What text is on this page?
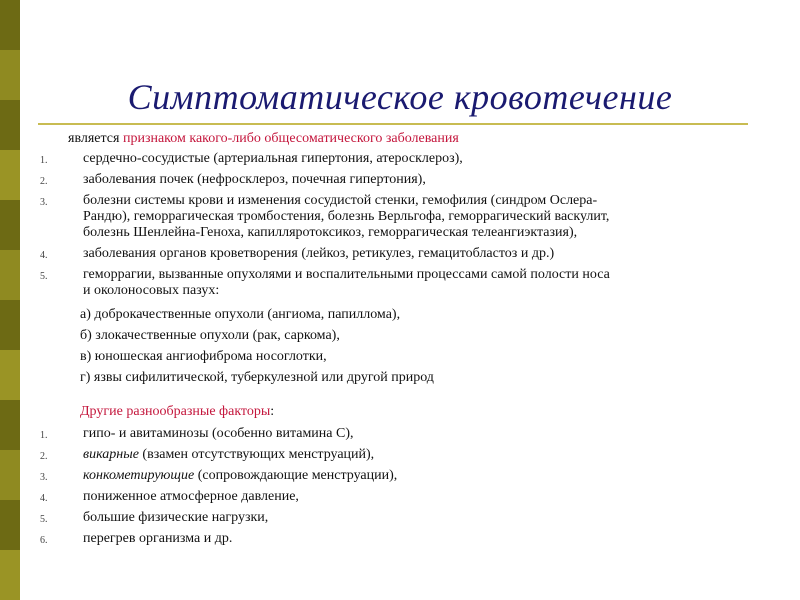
Симптоматическое кровотечение
является признаком какого-либо общесоматического заболевания
1.	сердечно-сосудистые (артериальная гипертония, атеросклероз),
2.	заболевания почек (нефросклероз, почечная гипертония),
3.	болезни системы крови и изменения сосудистой стенки, гемофилия (синдром Ослера-
Рандю), геморрагическая тромбостения, болезнь Верльгофа, геморрагический васкулит,
болезнь Шенлейна-Геноха, капилляротоксикоз, геморрагическая телеангиэктазия),
4.	заболевания органов кроветворения (лейкоз, ретикулез, гемацитобластоз и др.)
5.	геморрагии, вызванные опухолями и воспалительными процессами самой полости носа
и околоносовых пазух:
а) доброкачественные опухоли (ангиома, папиллома),
б) злокачественные опухоли (рак, саркома),
в) юношеская ангиофиброма носоглотки,
г) язвы сифилитической, туберкулезной или другой природ
Другие разнообразные факторы:
1.	гипо- и авитаминозы (особенно витамина С),
2.	викарные (взамен отсутствующих менструаций),
3.	конкометирующие (сопровождающие менструации),
4.	пониженное атмосферное давление,
5.	большие физические нагрузки,
6.	перегрев организма и др.
